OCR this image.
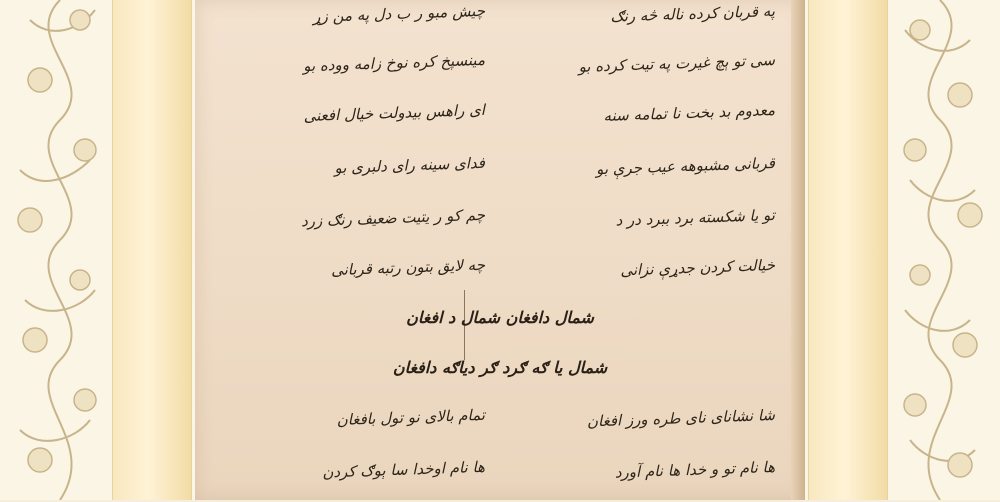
په قربان کرده ناله څه رنګ
چیش مبو ر ب دل په من زړ
سی تو ېچ غیرت په تیت کرده بو
مینسپخ کره نوخ زامه ووده بو
معدوم بد بخت نا تمامه سنه
ای راهس بیدولت خیال افعنی
قربانی مشبوهه عیب جرې بو
فدای سینه رای دلبری بو
تو یا شکسته برد ببرد در د
چم کو ر یتیت ضعیف رنګ زرد
خیالت کردن جدړې نزانی
چه لایق بتون رتبه قربانی
شمال دافغان شمال د افغان
شمال یا ګه ګرد ګر دیاګه دافغان
شا نشانای نای طره ورز افغان
تمام بالای نو تول بافغان
ها نام تو و خدا ها نام آورد
ها نام اوخدا سا ېوګ کردن
